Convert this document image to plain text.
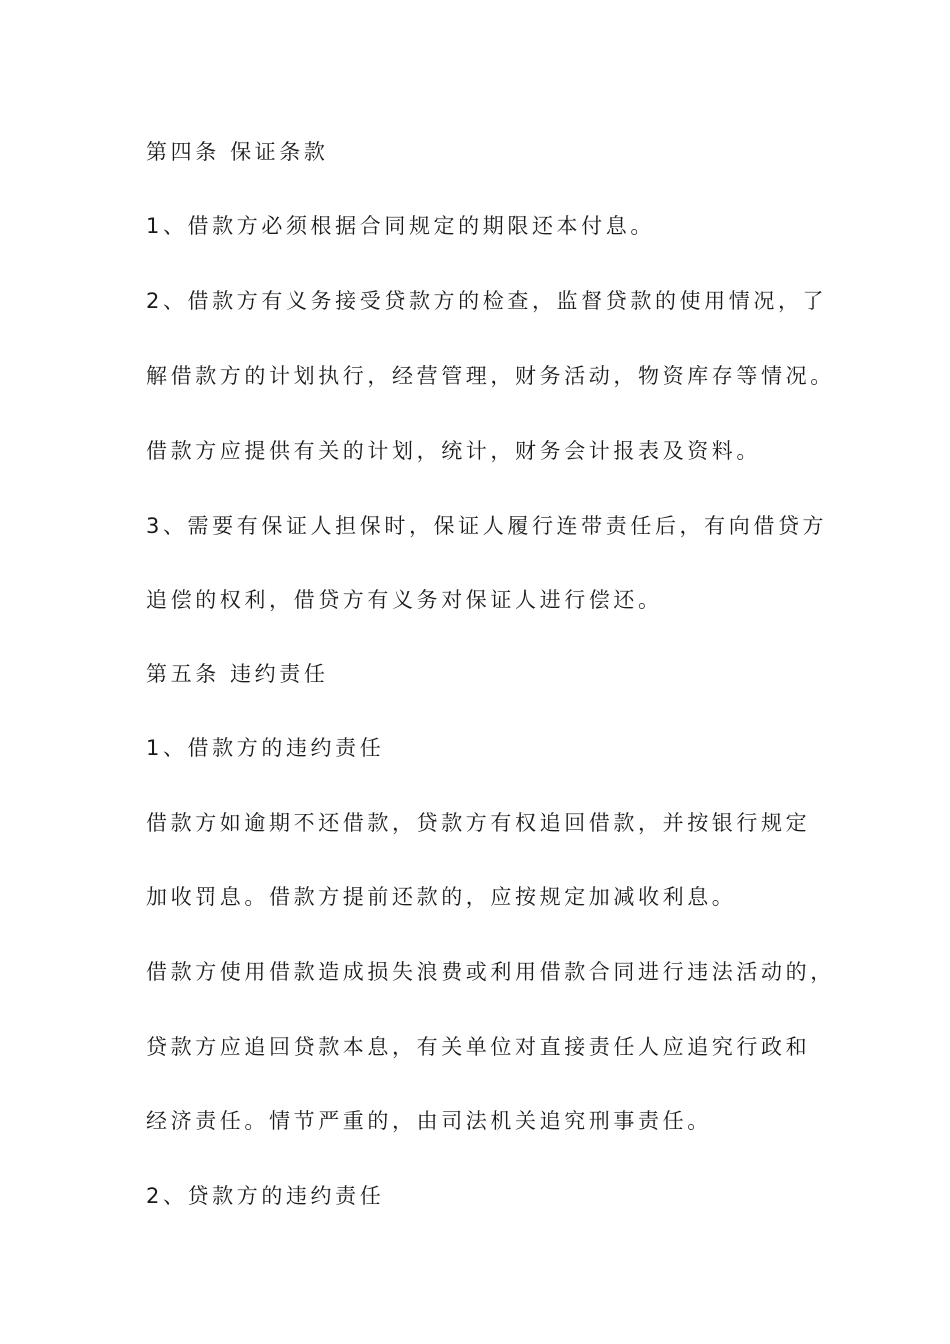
第四条 保证条款
1、借款方必须根据合同规定的期限还本付息。
2、借款方有义务接受贷款方的检查，监督贷款的使用情况，了
解借款方的计划执行，经营管理，财务活动，物资库存等情况。
借款方应提供有关的计划，统计，财务会计报表及资料。
3、需要有保证人担保时，保证人履行连带责任后，有向借贷方
追偿的权利，借贷方有义务对保证人进行偿还。
第五条 违约责任
1、借款方的违约责任
借款方如逾期不还借款，贷款方有权追回借款，并按银行规定
加收罚息。借款方提前还款的，应按规定加减收利息。
借款方使用借款造成损失浪费或利用借款合同进行违法活动的，
贷款方应追回贷款本息，有关单位对直接责任人应追究行政和
经济责任。情节严重的，由司法机关追究刑事责任。
2、贷款方的违约责任
